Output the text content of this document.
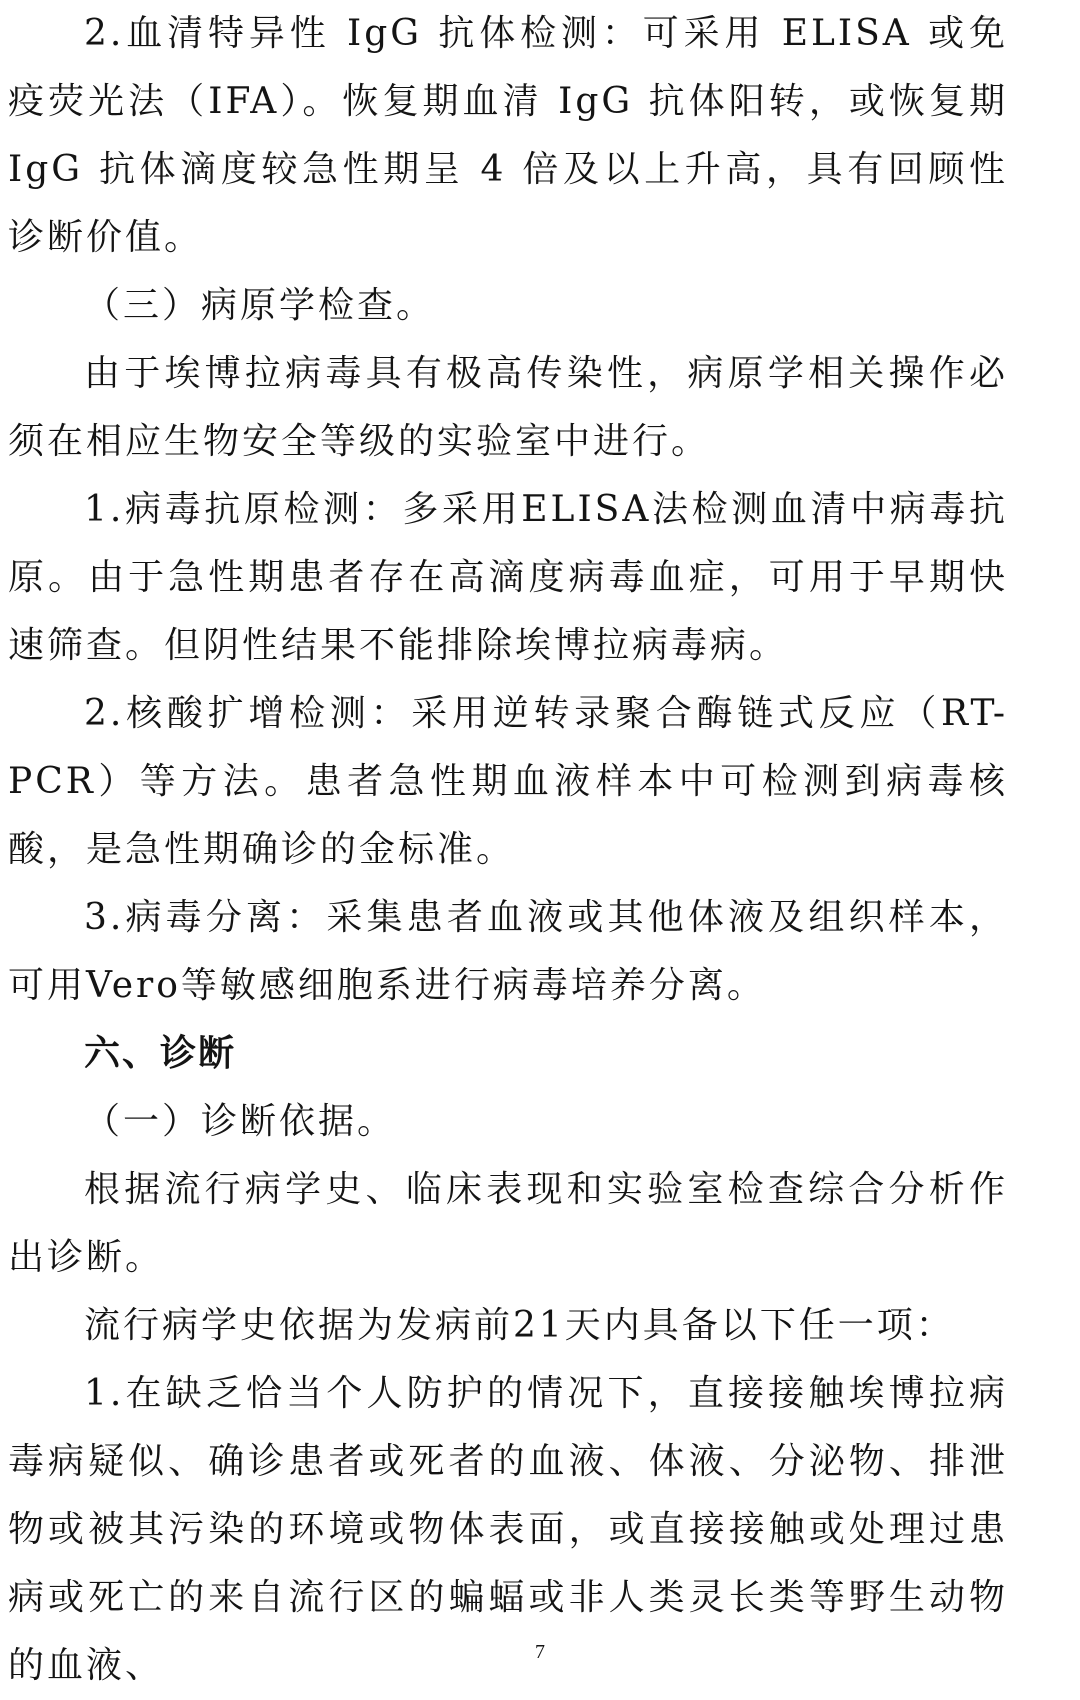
2.血清特异性 IgG 抗体检测：可采用 ELISA 或免疫荧光法（IFA）。恢复期血清 IgG 抗体阳转，或恢复期 IgG 抗体滴度较急性期呈 4 倍及以上升高，具有回顾性诊断价值。

（三）病原学检查。

由于埃博拉病毒具有极高传染性，病原学相关操作必须在相应生物安全等级的实验室中进行。

1.病毒抗原检测：多采用ELISA法检测血清中病毒抗原。由于急性期患者存在高滴度病毒血症，可用于早期快速筛查。但阴性结果不能排除埃博拉病毒病。

2.核酸扩增检测：采用逆转录聚合酶链式反应（RT-PCR）等方法。患者急性期血液样本中可检测到病毒核酸，是急性期确诊的金标准。

3.病毒分离：采集患者血液或其他体液及组织样本，可用Vero等敏感细胞系进行病毒培养分离。

六、诊断

（一）诊断依据。

根据流行病学史、临床表现和实验室检查综合分析作出诊断。

流行病学史依据为发病前21天内具备以下任一项：

1.在缺乏恰当个人防护的情况下，直接接触埃博拉病毒病疑似、确诊患者或死者的血液、体液、分泌物、排泄物或被其污染的环境或物体表面，或直接接触或处理过患病或死亡的来自流行区的蝙蝠或非人类灵长类等野生动物的血液、	7
